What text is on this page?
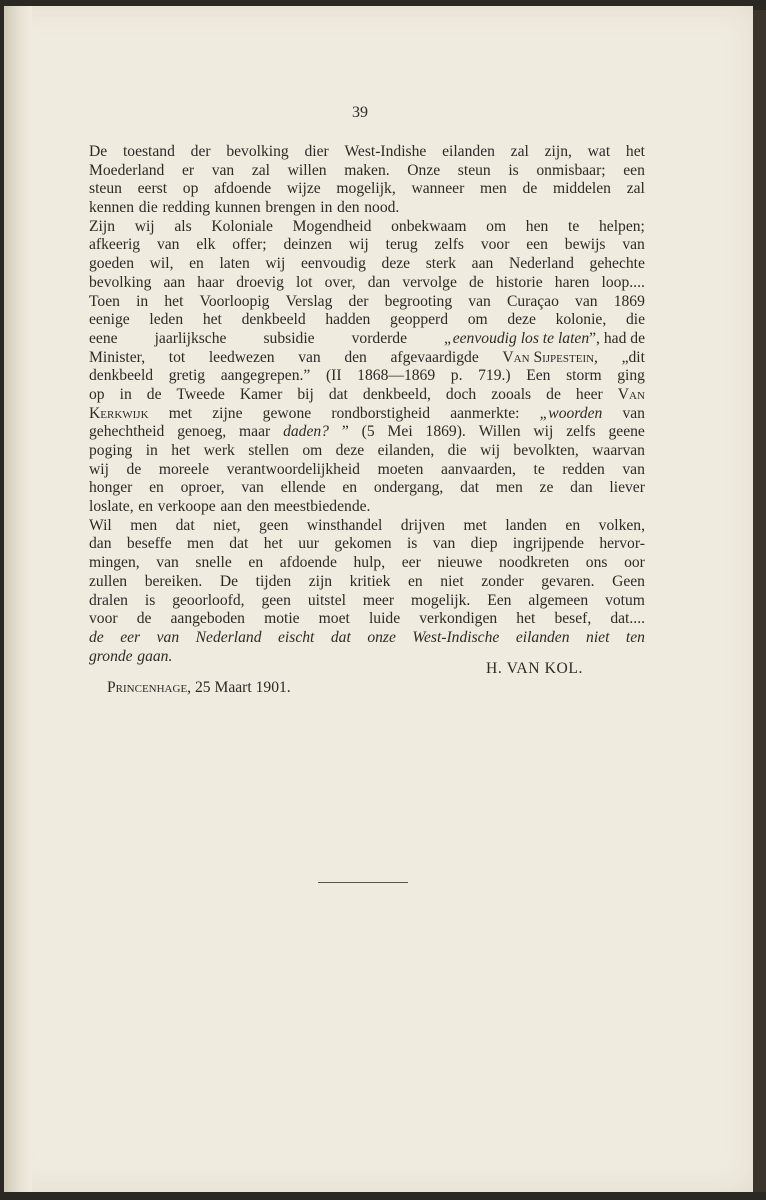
39
De toestand der bevolking dier West-Indishe eilanden zal zijn, wat het
Moederland er van zal willen maken. Onze steun is onmisbaar; een
steun eerst op afdoende wijze mogelijk, wanneer men de middelen zal
kennen die redding kunnen brengen in den nood.
Zijn wij als Koloniale Mogendheid onbekwaam om hen te helpen;
afkeerig van elk offer; deinzen wij terug zelfs voor een bewijs van
goeden wil, en laten wij eenvoudig deze sterk aan Nederland gehechte
bevolking aan haar droevig lot over, dan vervolge de historie haren loop....
Toen in het Voorloopig Verslag der begrooting van Curaçao van 1869
eenige leden het denkbeeld hadden geopperd om deze kolonie, die
eene jaarlijksche subsidie vorderde „eenvoudig los te laten”, had de
Minister, tot leedwezen van den afgevaardigde Van Sijpestein, „dit
denkbeeld gretig aangegrepen.” (II 1868—1869 p. 719.) Een storm ging
op in de Tweede Kamer bij dat denkbeeld, doch zooals de heer Van
Kerkwijk met zijne gewone rondborstigheid aanmerkte: „woorden van
gehechtheid genoeg, maar daden? ” (5 Mei 1869). Willen wij zelfs geene
poging in het werk stellen om deze eilanden, die wij bevolkten, waarvan
wij de moreele verantwoordelijkheid moeten aanvaarden, te redden van
honger en oproer, van ellende en ondergang, dat men ze dan liever
loslate, en verkoope aan den meestbiedende.
Wil men dat niet, geen winsthandel drijven met landen en volken,
dan beseffe men dat het uur gekomen is van diep ingrijpende hervor-
mingen, van snelle en afdoende hulp, eer nieuwe noodkreten ons oor
zullen bereiken. De tijden zijn kritiek en niet zonder gevaren. Geen
dralen is geoorloofd, geen uitstel meer mogelijk. Een algemeen votum
voor de aangeboden motie moet luide verkondigen het besef, dat....
de eer van Nederland eischt dat onze West-Indische eilanden niet ten
gronde gaan.
H. VAN KOL.
Princenhage, 25 Maart 1901.
